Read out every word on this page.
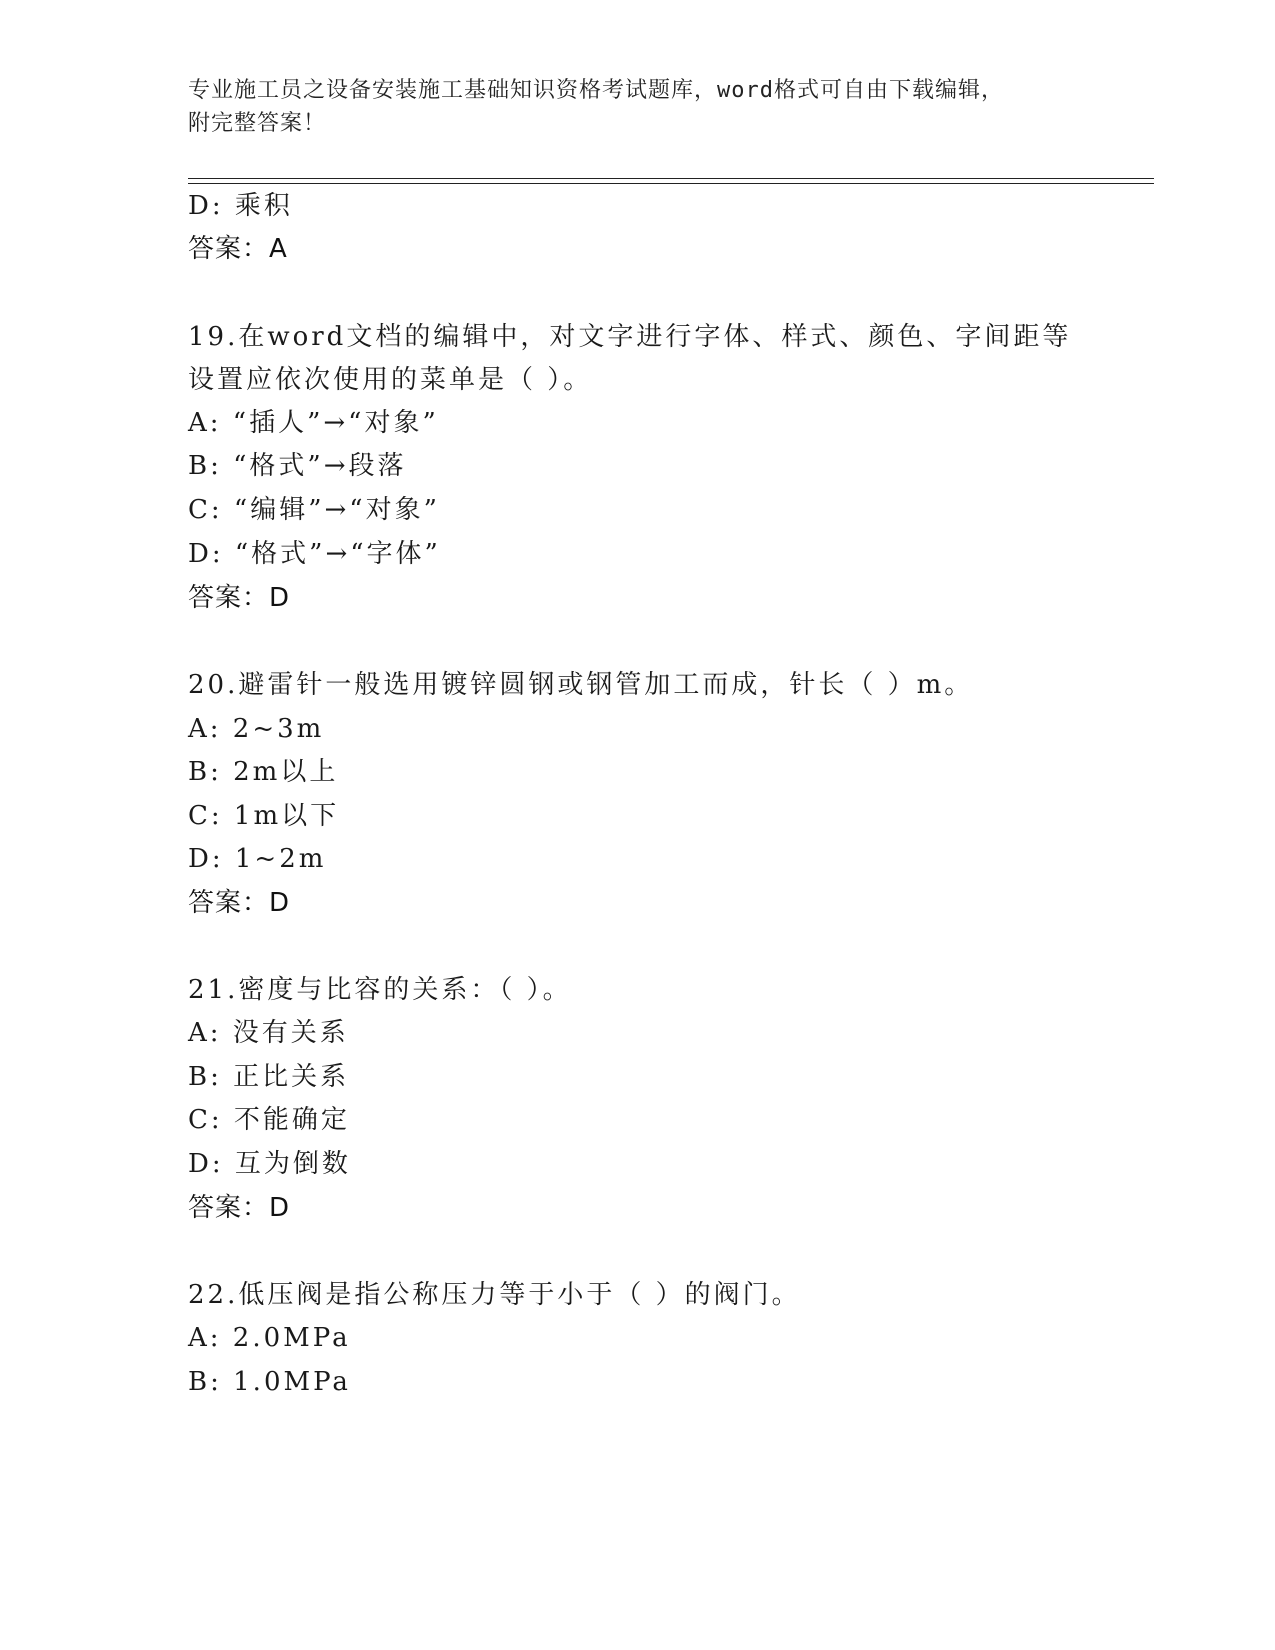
专业施工员之设备安装施工基础知识资格考试题库，word格式可自由下载编辑，
附完整答案！
D: 乘积
答案：A
19.在word文档的编辑中，对文字进行字体、样式、颜色、字间距等
设置应依次使用的菜单是（ ）。
A: “插人”→“对象”
B: “格式”→段落
C: “编辑”→“对象”
D: “格式”→“字体”
答案：D
20.避雷针一般选用镀锌圆钢或钢管加工而成，针长（ ）m。
A: 2~3m
B: 2m以上
C: 1m以下
D: 1~2m
答案：D
21.密度与比容的关系：（ ）。
A: 没有关系
B: 正比关系
C: 不能确定
D: 互为倒数
答案：D
22.低压阀是指公称压力等于小于（ ）的阀门。
A: 2.0MPa
B: 1.0MPa
